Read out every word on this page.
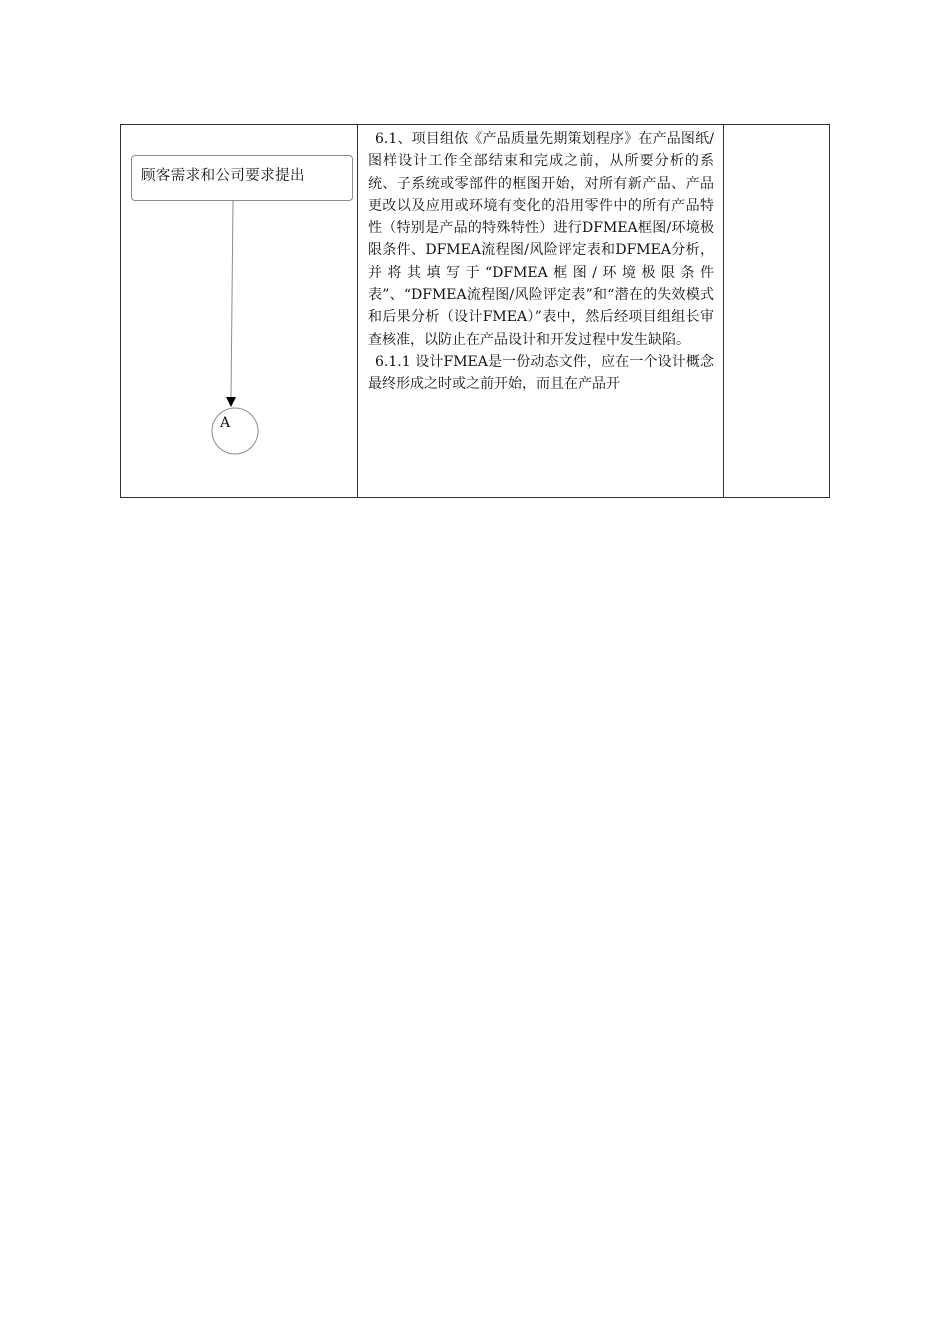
顾客需求和公司要求提出
A

6.1、项目组依《产品质量先期策划程序》在产品图纸/图样设计工作全部结束和完成之前，从所要分析的系统、子系统或零部件的框图开始，对所有新产品、产品更改以及应用或环境有变化的沿用零件中的所有产品特性（特别是产品的特殊特性）进行DFMEA框图/环境极限条件、DFMEA流程图/风险评定表和DFMEA分析，并将其填写于“DFMEA框图/环境极限条件表”、“DFMEA流程图/风险评定表”和“潜在的失效模式和后果分析（设计FMEA）”表中，然后经项目组组长审查核准，以防止在产品设计和开发过程中发生缺陷。

6.1.1 设计FMEA是一份动态文件，应在一个设计概念最终形成之时或之前开始，而且在产品开
